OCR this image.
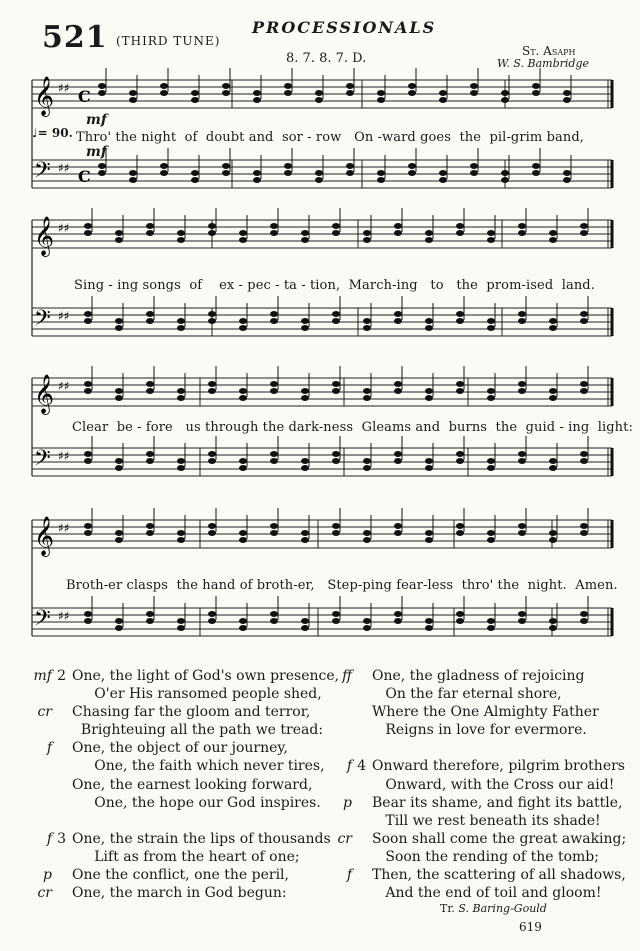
521 (THIRD TUNE)
PROCESSIONALS
8. 7. 8. 7. D.	St. Asaph
W. S. Bambridge
𝄞 ♯♯ C
𝄢 ♯♯ C
𝄞 ♯♯
𝄢 ♯♯
𝄞 ♯♯
𝄢 ♯♯
𝄞 ♯♯
𝄢 ♯♯
♩= 90.
mf
mf
Thro' the night  of  doubt and  sor - row   On -ward goes  the  pil-grim band,
Sing - ing songs  of    ex - pec - ta - tion,  March-ing   to   the  prom-ised  land.
Clear  be - fore   us through the dark-ness  Gleams and  burns  the  guid - ing  light:
Broth-er clasps  the hand of broth-er,   Step-ping fear-less  thro' the  night.  Amen.
mf 2 One, the light of God's own presence,
O'er His ransomed people shed,
cr Chasing far the gloom and terror,
Brighteuing all the path we tread:
f One, the object of our journey,
One, the faith which never tires,
One, the earnest looking forward,
One, the hope our God inspires.
f 3 One, the strain the lips of thousands
Lift as from the heart of one;
p One the conflict, one the peril,
cr One, the march in God begun:
ff One, the gladness of rejoicing
On the far eternal shore,
Where the One Almighty Father
Reigns in love for evermore.
f 4 Onward therefore, pilgrim brothers
Onward, with the Cross our aid!
p Bear its shame, and fight its battle,
Till we rest beneath its shade!
cr Soon shall come the great awaking;
Soon the rending of the tomb;
f Then, the scattering of all shadows,
And the end of toil and gloom!
Tr. S. Baring-Gould
619
